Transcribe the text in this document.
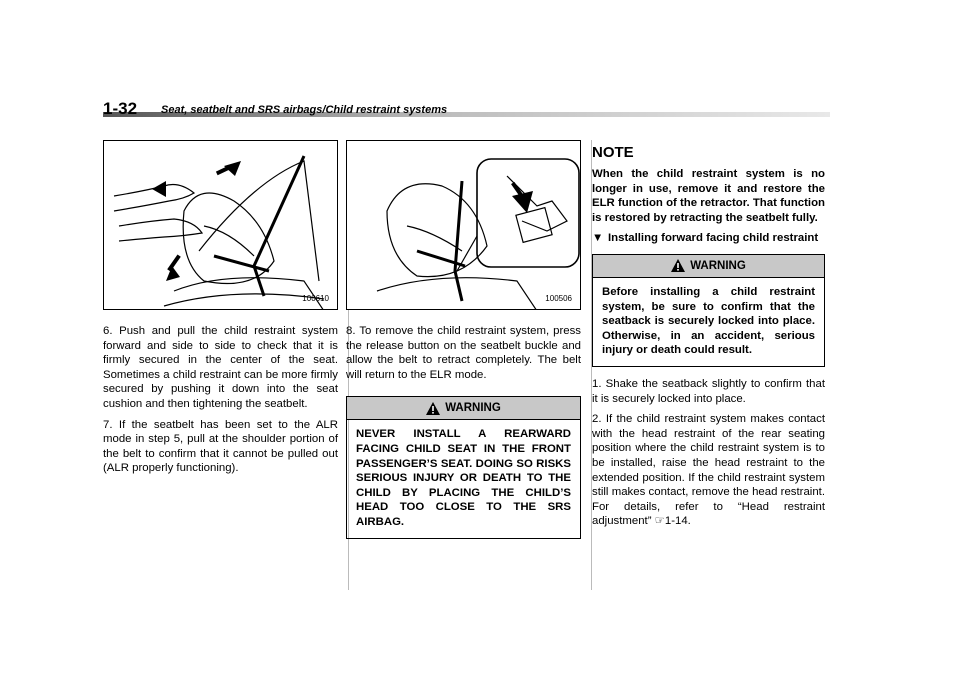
1-32 Seat, seatbelt and SRS airbags/Child restraint systems
100610

6. Push and pull the child restraint system forward and side to side to check that it is firmly secured in the center of the seat. Sometimes a child restraint can be more firmly secured by pushing it down into the seat cushion and then tightening the seatbelt.

7. If the seatbelt has been set to the ALR mode in step 5, pull at the shoulder portion of the belt to confirm that it cannot be pulled out (ALR properly functioning).

100506

8. To remove the child restraint system, press the release button on the seatbelt buckle and allow the belt to retract completely. The belt will return to the ELR mode.

WARNING
NEVER INSTALL A REARWARD FACING CHILD SEAT IN THE FRONT PASSENGER’S SEAT. DOING SO RISKS SERIOUS INJURY OR DEATH TO THE CHILD BY PLACING THE CHILD’S HEAD TOO CLOSE TO THE SRS AIRBAG.

NOTE

When the child restraint system is no longer in use, remove it and restore the ELR function of the retractor. That function is restored by retracting the seatbelt fully.

▼ Installing forward facing child restraint
WARNING
Before installing a child restraint system, be sure to confirm that the seatback is securely locked into place. Otherwise, in an accident, serious injury or death could result.

1. Shake the seatback slightly to confirm that it is securely locked into place.

2. If the child restraint system makes contact with the head restraint of the rear seating position where the child restraint system is to be installed, raise the head restraint to the extended position. If the child restraint system still makes contact, remove the head restraint. For details, refer to “Head restraint adjustment” ☞1-14.
